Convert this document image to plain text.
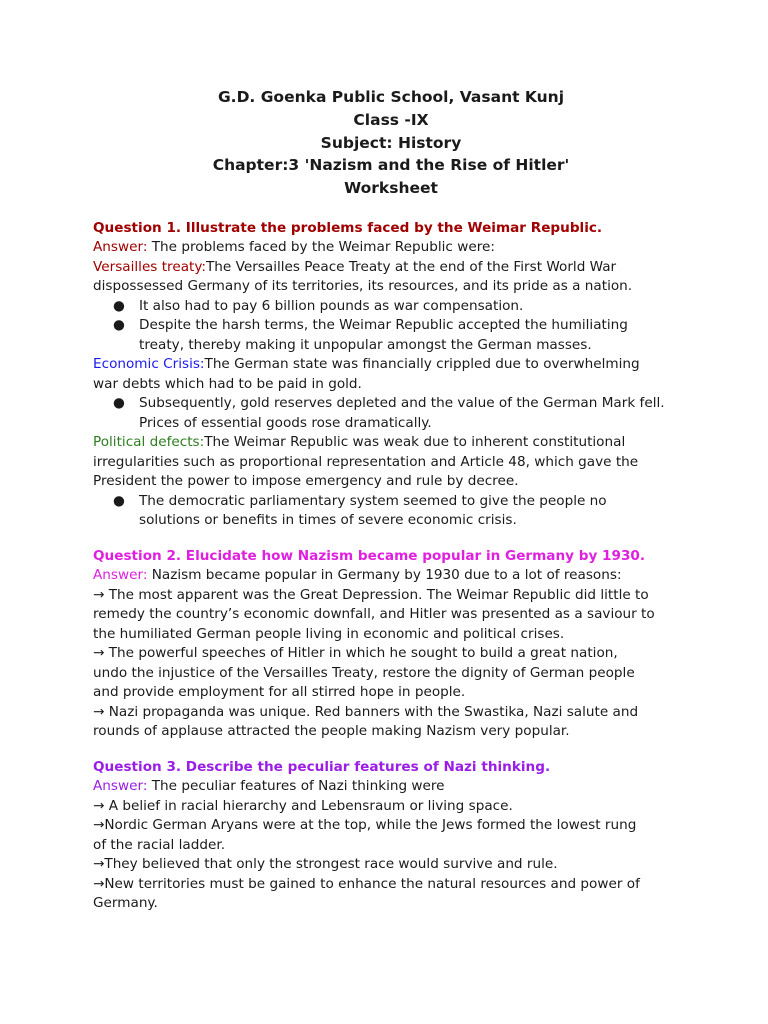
G.D. Goenka Public School, Vasant Kunj
Class -IX
Subject: History
Chapter:3 'Nazism and the Rise of Hitler'
Worksheet
Question 1. Illustrate the problems faced by the Weimar Republic.
Answer: The problems faced by the Weimar Republic were:
Versailles treaty:The Versailles Peace Treaty at the end of the First World War
dispossessed Germany of its territories, its resources, and its pride as a nation.
● It also had to pay 6 billion pounds as war compensation.
● Despite the harsh terms, the Weimar Republic accepted the humiliating
treaty, thereby making it unpopular amongst the German masses.
Economic Crisis:The German state was financially crippled due to overwhelming
war debts which had to be paid in gold.
● Subsequently, gold reserves depleted and the value of the German Mark fell.
Prices of essential goods rose dramatically.
Political defects:The Weimar Republic was weak due to inherent constitutional
irregularities such as proportional representation and Article 48, which gave the
President the power to impose emergency and rule by decree.
● The democratic parliamentary system seemed to give the people no
solutions or benefits in times of severe economic crisis.
Question 2. Elucidate how Nazism became popular in Germany by 1930.
Answer: Nazism became popular in Germany by 1930 due to a lot of reasons:
→ The most apparent was the Great Depression. The Weimar Republic did little to
remedy the country’s economic downfall, and Hitler was presented as a saviour to
the humiliated German people living in economic and political crises.
→ The powerful speeches of Hitler in which he sought to build a great nation,
undo the injustice of the Versailles Treaty, restore the dignity of German people
and provide employment for all stirred hope in people.
→ Nazi propaganda was unique. Red banners with the Swastika, Nazi salute and
rounds of applause attracted the people making Nazism very popular.
Question 3. Describe the peculiar features of Nazi thinking.
Answer: The peculiar features of Nazi thinking were
→ A belief in racial hierarchy and Lebensraum or living space.
→Nordic German Aryans were at the top, while the Jews formed the lowest rung
of the racial ladder.
→They believed that only the strongest race would survive and rule.
→New territories must be gained to enhance the natural resources and power of
Germany.
